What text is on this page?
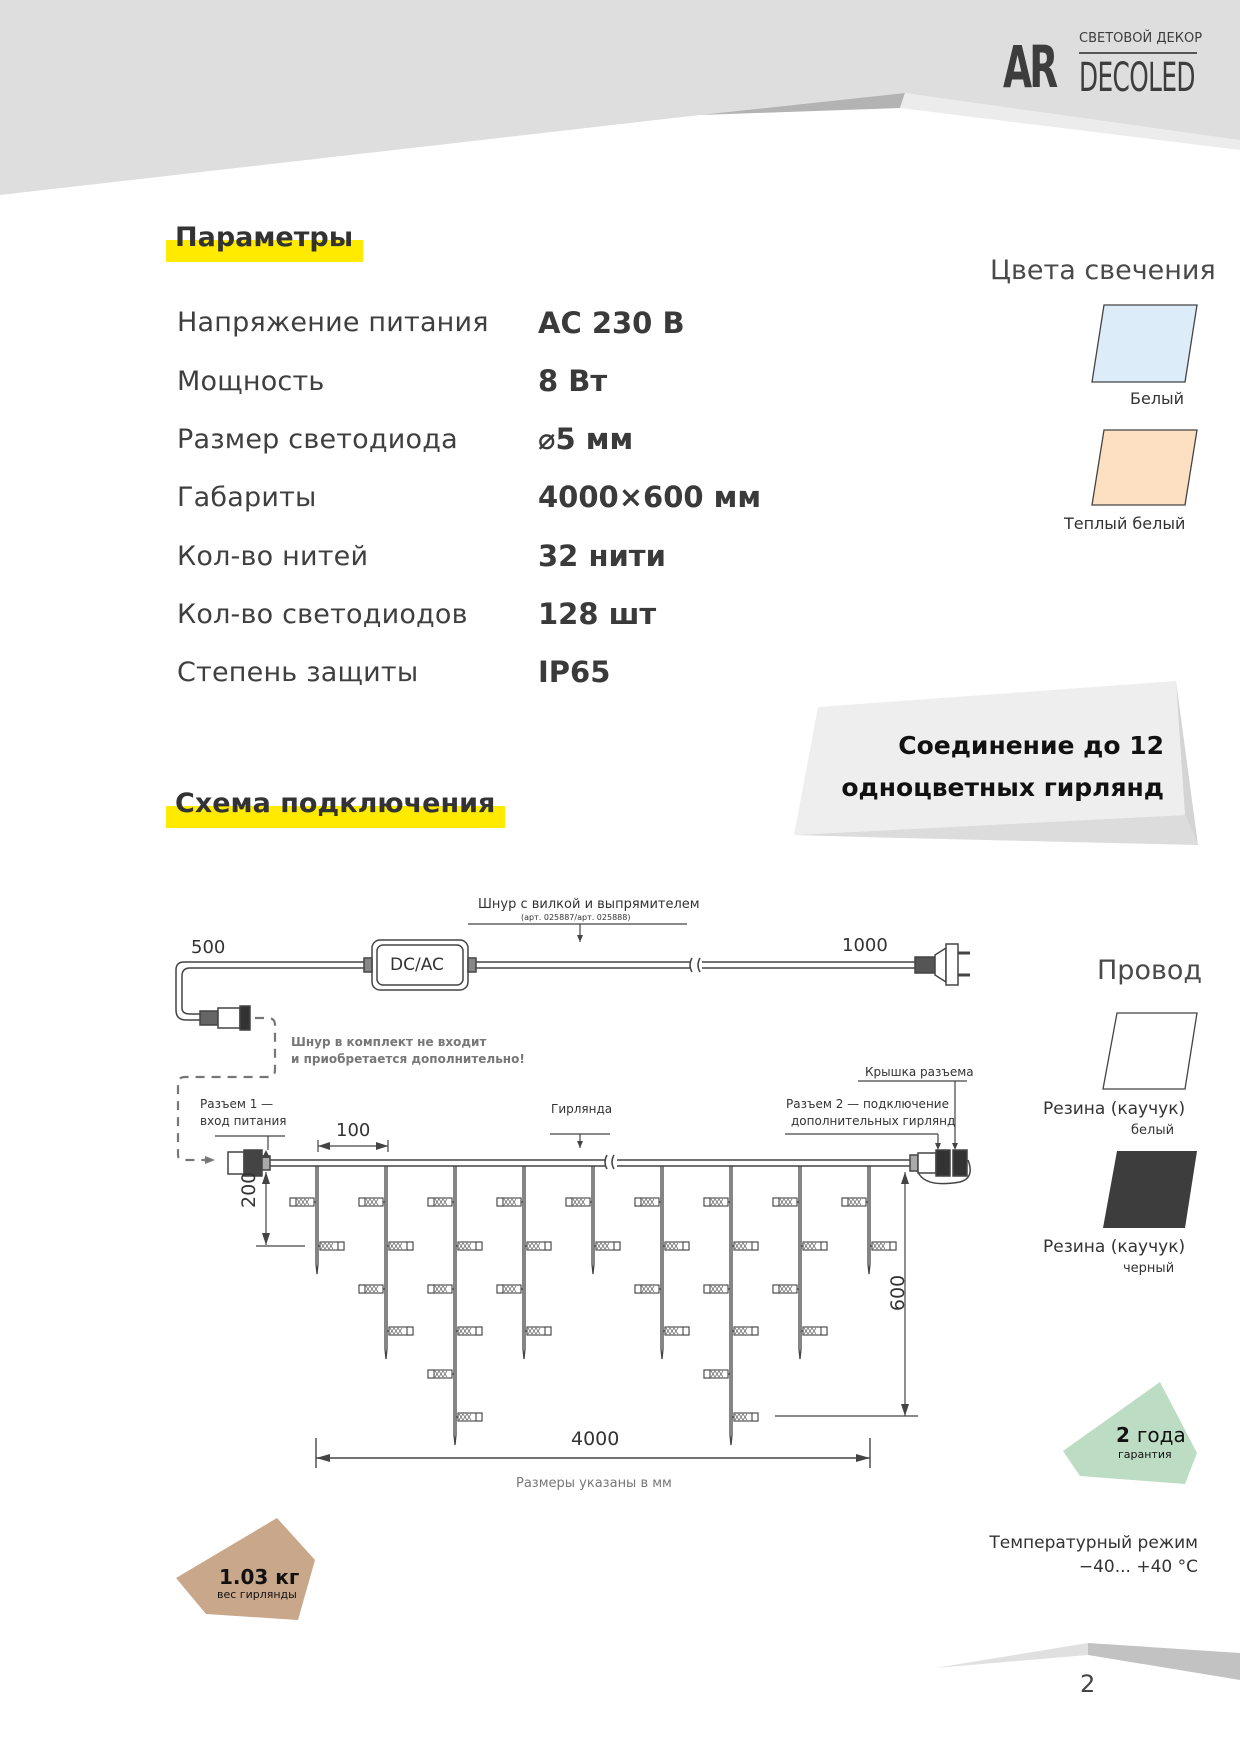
AR СВЕТОВОЙ ДЕКОР
DECOLED
Параметры
Напряжение питания AC 230 В
Мощность	8 Вт
Размер светодиода	⌀5 мм
Габариты	4000×600 мм
Кол-во нитей	32 нити
Кол-во светодиодов 128 шт
Степень защиты	IP65
Цвета свечения
Белый
Теплый белый
Соединение до 12
одноцветных гирлянд
Схема подключения
Шнур с вилкой и выпрямителем
(арт. 025887/арт. 025888)
DC/AC
500	1000
Шнур в комплект не входит
и приобретается дополнительно!
Разъем 1 —
вход питания	100
Гирлянда	Разъем 2 — подключение
дополнительных гирлянд
Крышка разъема
200
600
4000
Размеры указаны в мм
Провод
Резина (каучук)
белый
Резина (каучук)
черный
2 года
гарантия
1.03 кг
вес гирлянды
Температурный режим
−40... +40 °С
2
